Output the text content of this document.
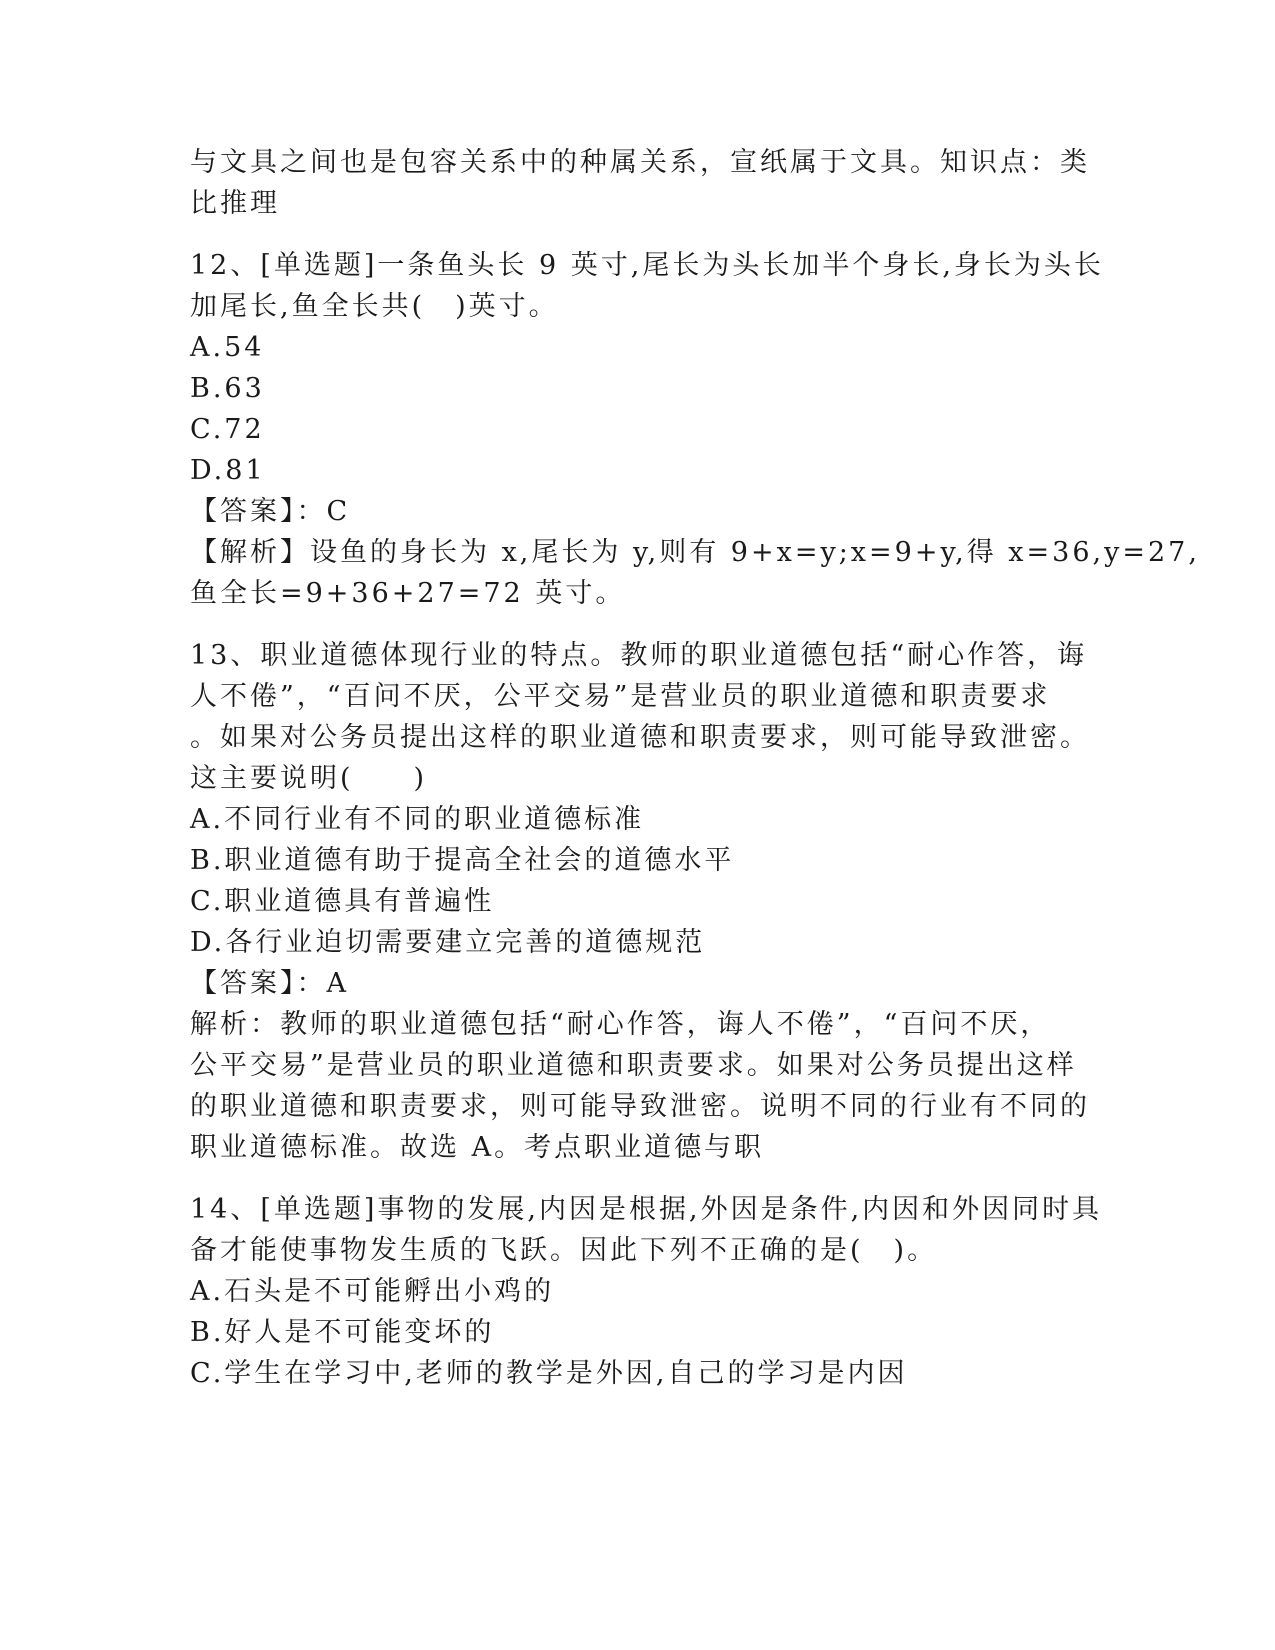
与文具之间也是包容关系中的种属关系，宣纸属于文具。知识点：类
比推理
12、[单选题]一条鱼头长 9 英寸,尾长为头长加半个身长,身长为头长
加尾长,鱼全长共(　)英寸。
A.54
B.63
C.72
D.81
【答案】：C
【解析】设鱼的身长为 x,尾长为 y,则有 9+x=y;x=9+y,得 x=36,y=27,
鱼全长=9+36+27=72 英寸。
13、职业道德体现行业的特点。教师的职业道德包括“耐心作答，诲
人不倦”，“百问不厌，公平交易”是营业员的职业道德和职责要求
。如果对公务员提出这样的职业道德和职责要求，则可能导致泄密。
这主要说明(　　)
A.不同行业有不同的职业道德标准
B.职业道德有助于提高全社会的道德水平
C.职业道德具有普遍性
D.各行业迫切需要建立完善的道德规范
【答案】：A
解析：教师的职业道德包括“耐心作答，诲人不倦”，“百问不厌，
公平交易”是营业员的职业道德和职责要求。如果对公务员提出这样
的职业道德和职责要求，则可能导致泄密。说明不同的行业有不同的
职业道德标准。故选 A。考点职业道德与职
14、[单选题]事物的发展,内因是根据,外因是条件,内因和外因同时具
备才能使事物发生质的飞跃。因此下列不正确的是(　)。
A.石头是不可能孵出小鸡的
B.好人是不可能变坏的
C.学生在学习中,老师的教学是外因,自己的学习是内因
